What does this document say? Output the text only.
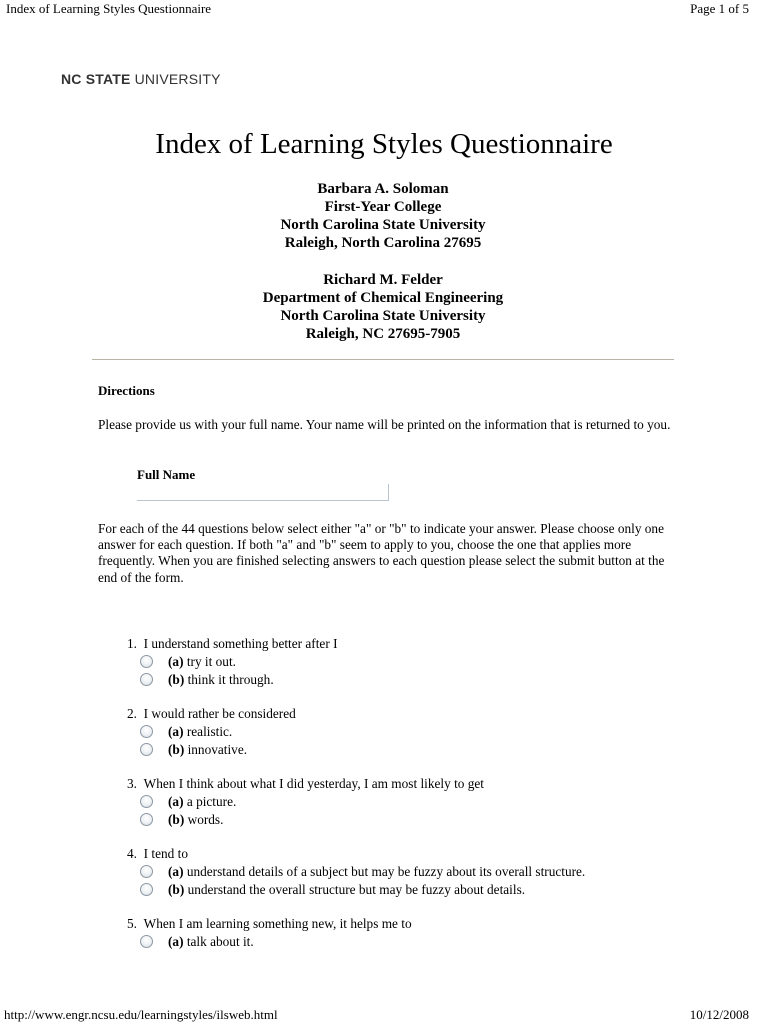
Index of Learning Styles Questionnaire	Page 1 of 5
NC STATE UNIVERSITY
Index of Learning Styles Questionnaire
Barbara A. Soloman
First-Year College
North Carolina State University
Raleigh, North Carolina 27695
Richard M. Felder
Department of Chemical Engineering
North Carolina State University
Raleigh, NC 27695-7905
Directions
Please provide us with your full name. Your name will be printed on the information that is returned to you.
Full Name
For each of the 44 questions below select either "a" or "b" to indicate your answer. Please choose only one answer for each question. If both "a" and "b" seem to apply to you, choose the one that applies more frequently. When you are finished selecting answers to each question please select the submit button at the end of the form.
1. I understand something better after I
(a) try it out.
(b) think it through.
2. I would rather be considered
(a) realistic.
(b) innovative.
3. When I think about what I did yesterday, I am most likely to get
(a) a picture.
(b) words.
4. I tend to
(a) understand details of a subject but may be fuzzy about its overall structure.
(b) understand the overall structure but may be fuzzy about details.
5. When I am learning something new, it helps me to
(a) talk about it.
http://www.engr.ncsu.edu/learningstyles/ilsweb.html	10/12/2008
